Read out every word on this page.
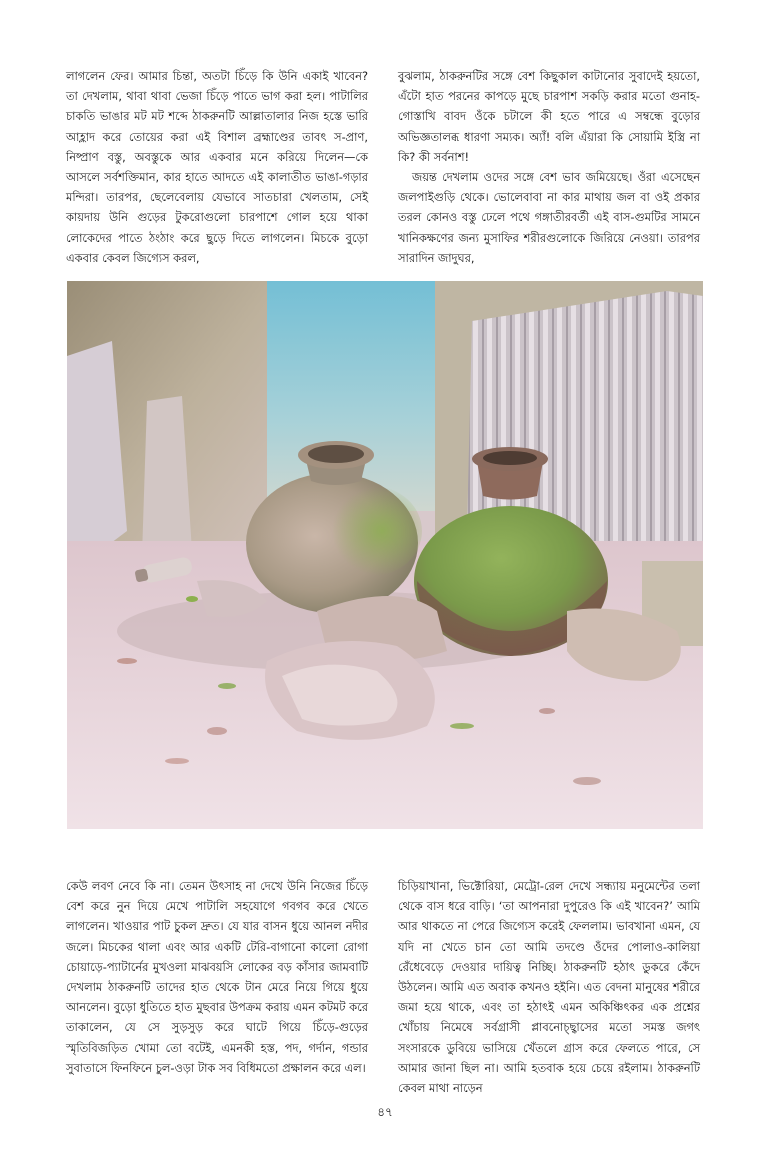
লাগলেন ফের। আমার চিন্তা, অতটা চিঁড়ে কি উনি একাই খাবেন? তা দেখলাম, থাবা থাবা ভেজা চিঁড়ে পাতে ভাগ করা হল। পাটালির চাকতি ভাঙার মট মট শব্দে ঠাকরুনটি আল্লাতালার নিজ হস্তে ভারি আহ্লাদ করে তোয়ের করা এই বিশাল ব্রহ্মাণ্ডের তাবৎ স-প্রাণ, নিষ্প্রাণ বস্তু, অবস্তুকে আর একবার মনে করিয়ে দিলেন—কে আসলে সর্বশক্তিমান, কার হাতে আদতে এই কালাতীত ভাঙা-গড়ার মন্দিরা। তারপর, ছেলেবেলায় যেভাবে সাতচারা খেলতাম, সেই কায়দায় উনি গুড়ের টুকরোগুলো চারপাশে গোল হয়ে থাকা লোকেদের পাতে ঠংঠাং করে ছুড়ে দিতে লাগলেন। মিচকে বুড়ো একবার কেবল জিগ্যেস করল,

বুঝলাম, ঠাকরুনটির সঙ্গে বেশ কিছুকাল কাটানোর সুবাদেই হয়তো, এঁটো হাত পরনের কাপড়ে মুছে চারপাশ সকড়ি করার মতো গুনাহ-গোস্তাখি বাবদ ওঁকে চটালে কী হতে পারে এ সম্বন্ধে বুড়োর অভিজ্ঞতালব্ধ ধারণা সম্যক। অ্যাঁ! বলি এঁয়ারা কি সোয়ামি ইস্ত্রি না কি? কী সর্বনাশ!

জয়ন্ত দেখলাম ওদের সঙ্গে বেশ ভাব জমিয়েছে। ওঁরা এসেছেন জলপাইগুড়ি থেকে। ভোলেবাবা না কার মাথায় জল বা ওই প্রকার তরল কোনও বস্তু ঢেলে পথে গঙ্গাতীরবর্তী এই বাস-গুমটির সামনে খানিকক্ষণের জন্য মুসাফির শরীরগুলোকে জিরিয়ে নেওয়া। তারপর সারাদিন জাদুঘর,

কেউ লবণ নেবে কি না। তেমন উৎসাহ না দেখে উনি নিজের চিঁড়ে বেশ করে নুন দিয়ে মেখে পাটালি সহযোগে গবগব করে খেতে লাগলেন। খাওয়ার পাট চুকল দ্রুত। যে যার বাসন ধুয়ে আনল নদীর জলে। মিচকের থালা এবং আর একটি টেরি-বাগানো কালো রোগা চোয়াড়ে-প্যাটার্নের মুখওলা মাঝবয়সি লোকের বড় কাঁসার জামবাটি দেখলাম ঠাকরুনটি তাদের হাত থেকে টান মেরে নিয়ে গিয়ে ধুয়ে আনলেন। বুড়ো ধুতিতে হাত মুছবার উপক্রম করায় এমন কটমট করে তাকালেন, যে সে সুড়সুড় করে ঘাটে গিয়ে চিঁড়ে-গুড়ের স্মৃতিবিজড়িত খোমা তো বটেই, এমনকী হস্ত, পদ, গর্দান, গন্ডার সুবাতাসে ফিনফিনে চুল-ওড়া টাক সব বিধিমতো প্রক্ষালন করে এল।

চিড়িয়াখানা, ভিক্টোরিয়া, মেট্রো-রেল দেখে সন্ধ্যায় মনুমেন্টের তলা থেকে বাস ধরে বাড়ি। ‘তা আপনারা দুপুরেও কি এই খাবেন?’ আমি আর থাকতে না পেরে জিগ্যেস করেই ফেললাম। ভাবখানা এমন, যে যদি না খেতে চান তো আমি তদণ্ডে ওঁদের পোলাও-কালিয়া রেঁধেবেড়ে দেওয়ার দায়িত্ব নিচ্ছি। ঠাকরুনটি হঠাৎ ডুকরে কেঁদে উঠলেন। আমি এত অবাক কখনও হইনি। এত বেদনা মানুষের শরীরে জমা হয়ে থাকে, এবং তা হঠাৎই এমন অকিঞ্চিৎকর এক প্রশ্নের খোঁচায় নিমেষে সর্বগ্রাসী প্লাবনোচ্ছ্বাসের মতো সমস্ত জগৎ সংসারকে ডুবিয়ে ভাসিয়ে খেঁতলে গ্রাস করে ফেলতে পারে, সে আমার জানা ছিল না। আমি হতবাক হয়ে চেয়ে রইলাম। ঠাকরুনটি কেবল মাথা নাড়েন

৪৭
